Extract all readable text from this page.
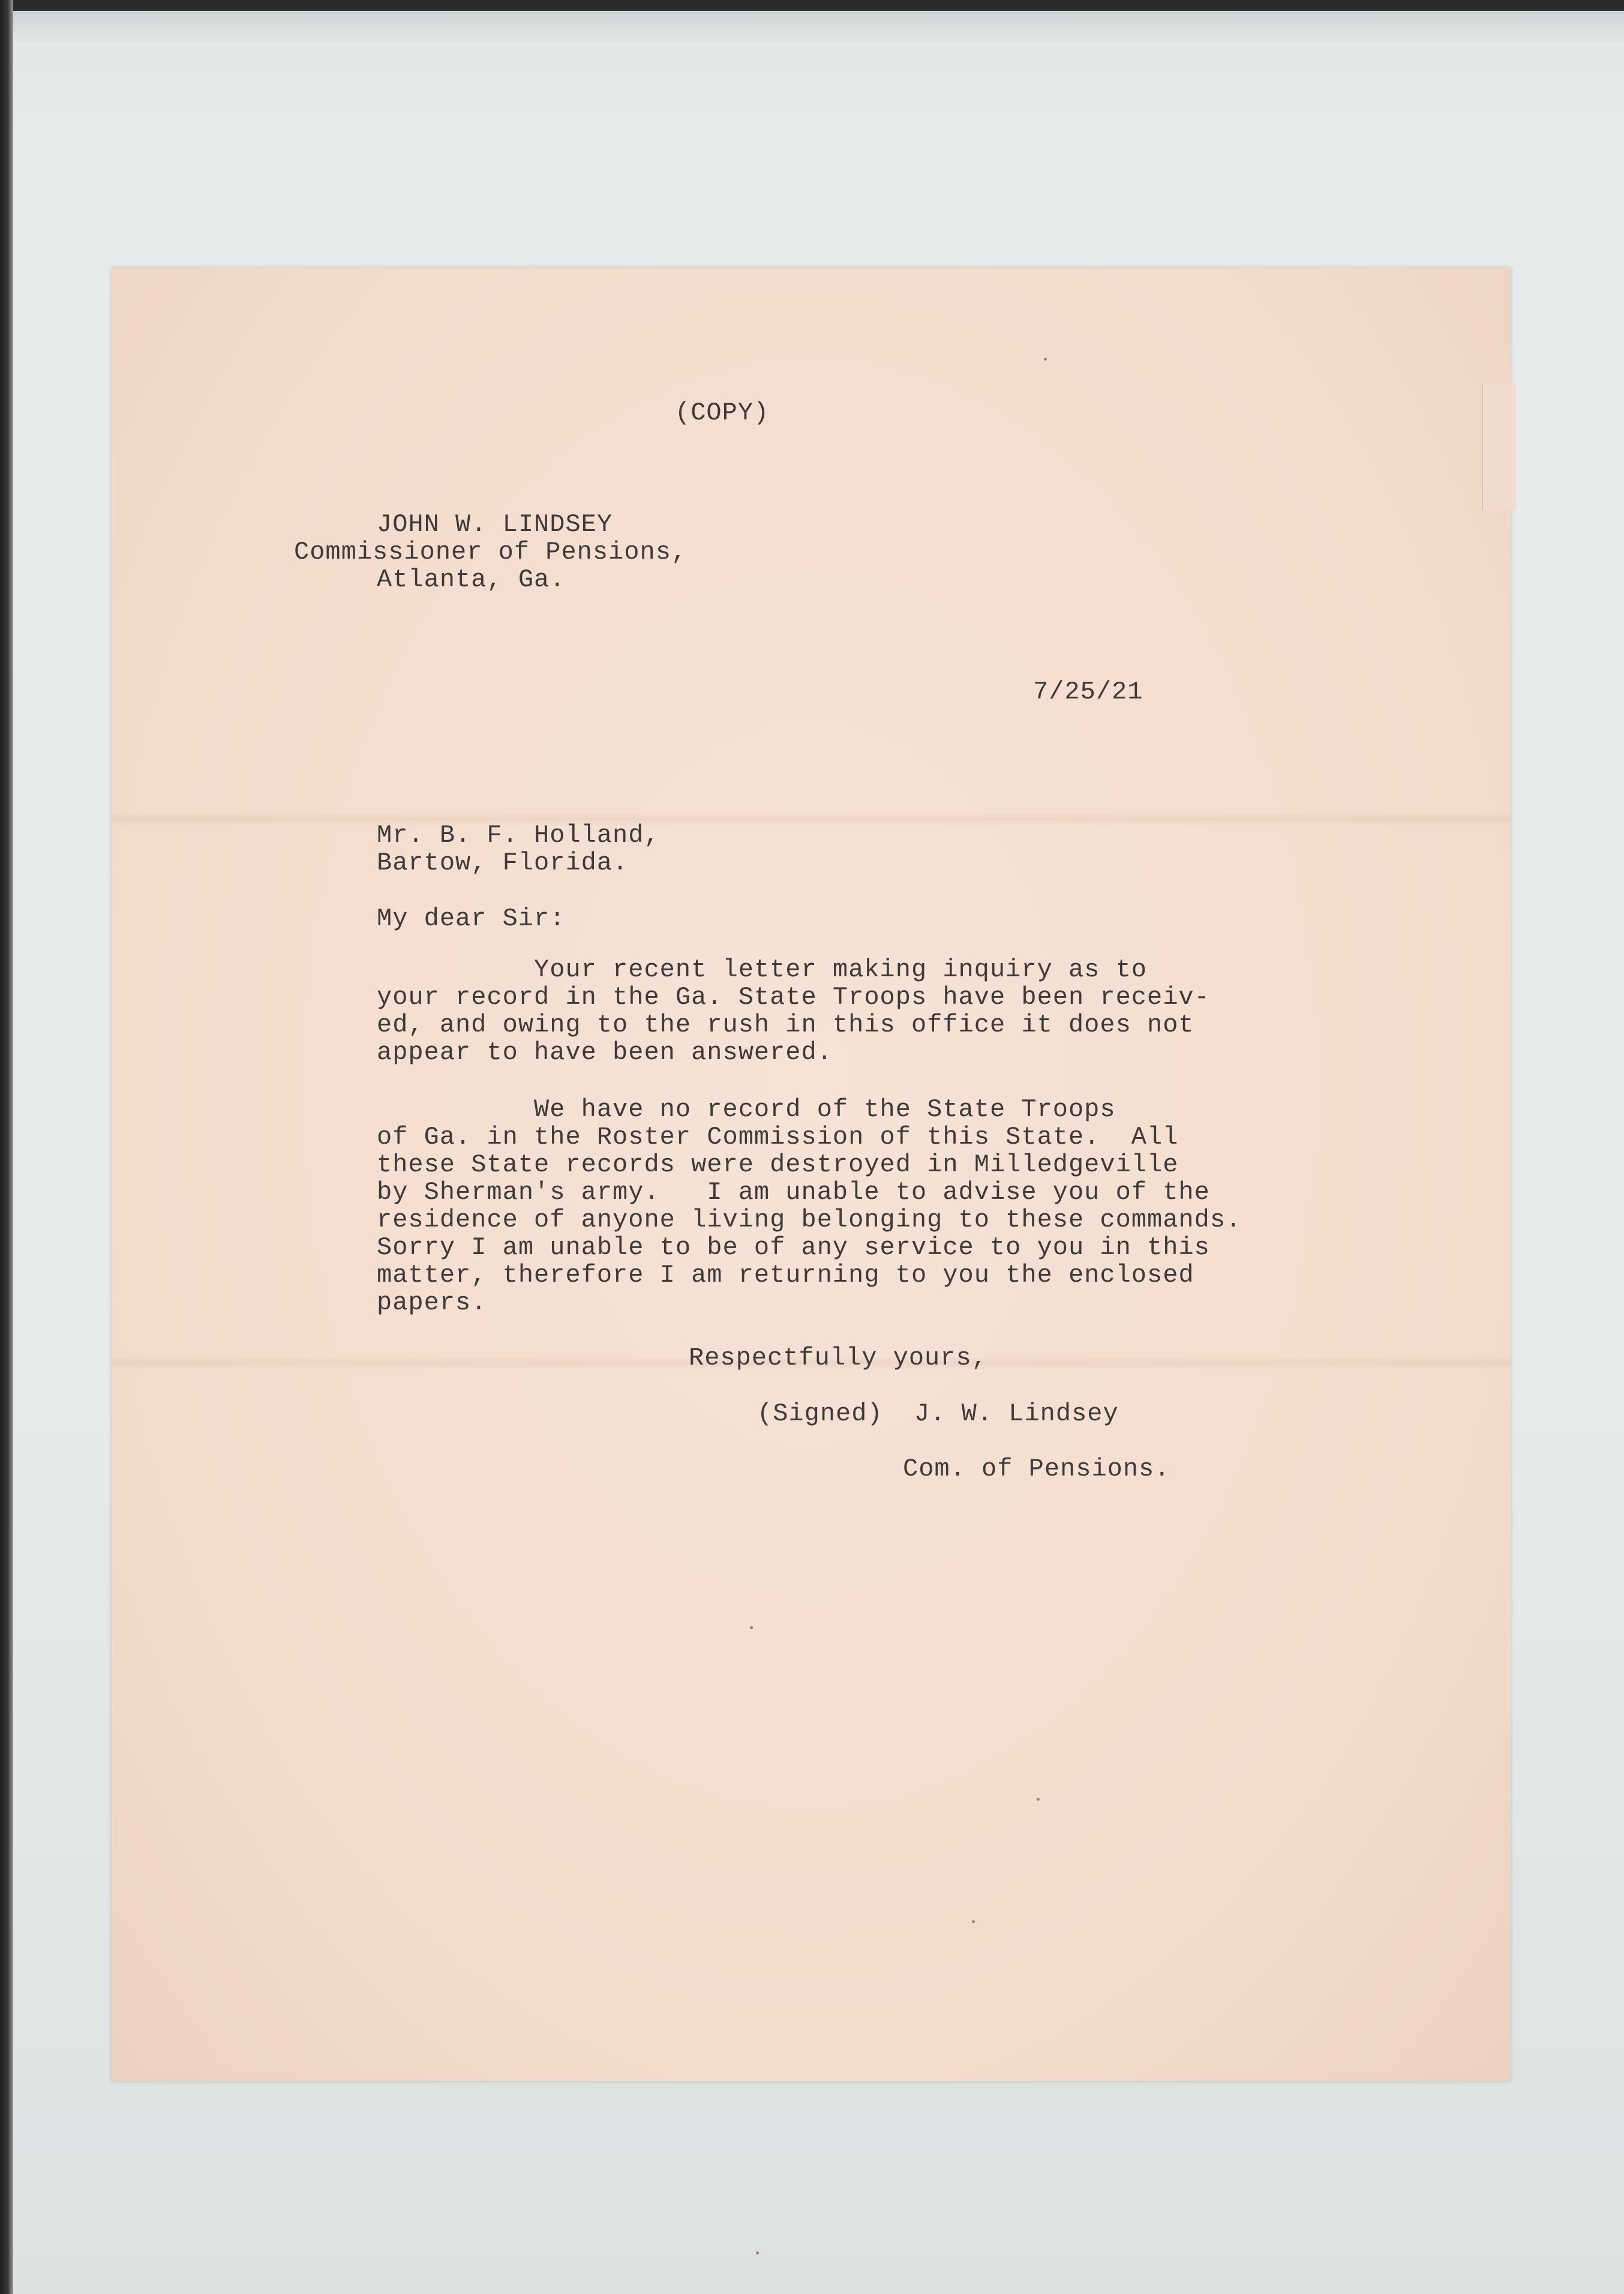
(COPY)

JOHN W. LINDSEY

Commissioner of Pensions,

Atlanta, Ga.

7/25/21

Mr. B. F. Holland,

Bartow, Florida.

My dear Sir:

Your recent letter making inquiry as to
your record in the Ga. State Troops have been receiv-
ed, and owing to the rush in this office it does not
appear to have been answered.
We have no record of the State Troops
of Ga. in the Roster Commission of this State.  All
these State records were destroyed in Milledgeville
by Sherman's army.   I am unable to advise you of the
residence of anyone living belonging to these commands.
Sorry I am unable to be of any service to you in this
matter, therefore I am returning to you the enclosed
papers.

Respectfully yours,

(Signed)  J. W. Lindsey

Com. of Pensions.
